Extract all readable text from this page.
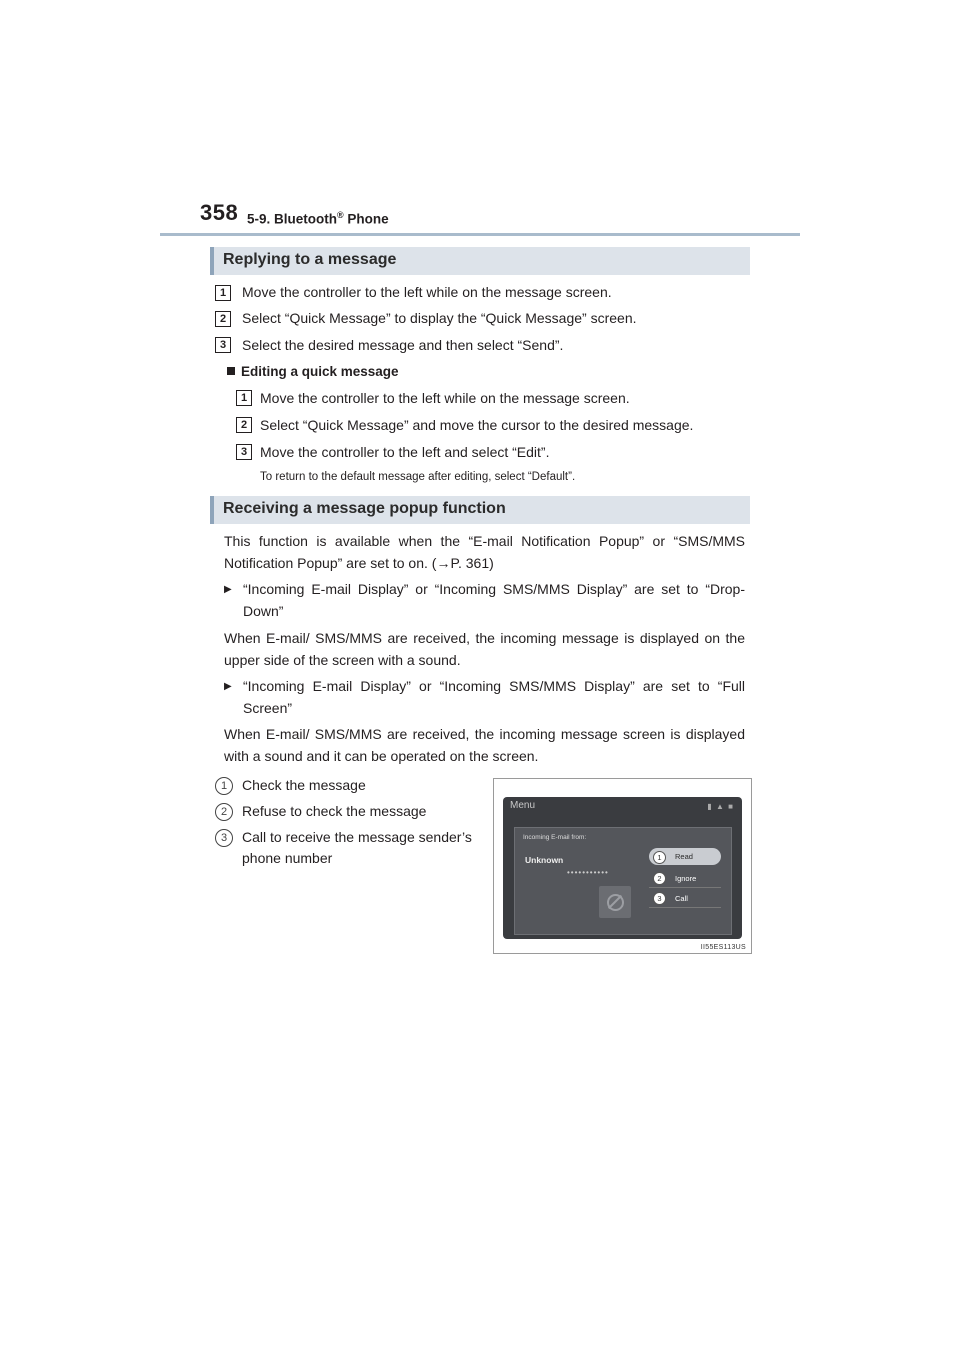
358 5-9. Bluetooth® Phone
Replying to a message
1	Move the controller to the left while on the message screen.
2	Select “Quick Message” to display the “Quick Message” screen.
3	Select the desired message and then select “Send”.
Editing a quick message
1 Move the controller to the left while on the message screen.
2 Select “Quick Message” and move the cursor to the desired message.
3 Move the controller to the left and select “Edit”.
To return to the default message after editing, select “Default”.
Receiving a message popup function
This function is available when the “E-mail Notification Popup” or “SMS/MMS Notification Popup” are set to on. (→P. 361)
▶ “Incoming E-mail Display” or “Incoming SMS/MMS Display” are set to “Drop-Down”
When E-mail/ SMS/MMS are received, the incoming message is displayed on the upper side of the screen with a sound.
▶ “Incoming E-mail Display” or “Incoming SMS/MMS Display” are set to “Full Screen”
When E-mail/ SMS/MMS are received, the incoming message screen is displayed with a sound and it can be operated on the screen.
1	Check the message
2	Refuse to check the message
3	Call to receive the message sender’s phone number
Menu	▮ ▲ ■
Incoming E-mail from:
Unknown
•••••••••••
Read
Ignore
Call
1
2
3
II55ES113US
